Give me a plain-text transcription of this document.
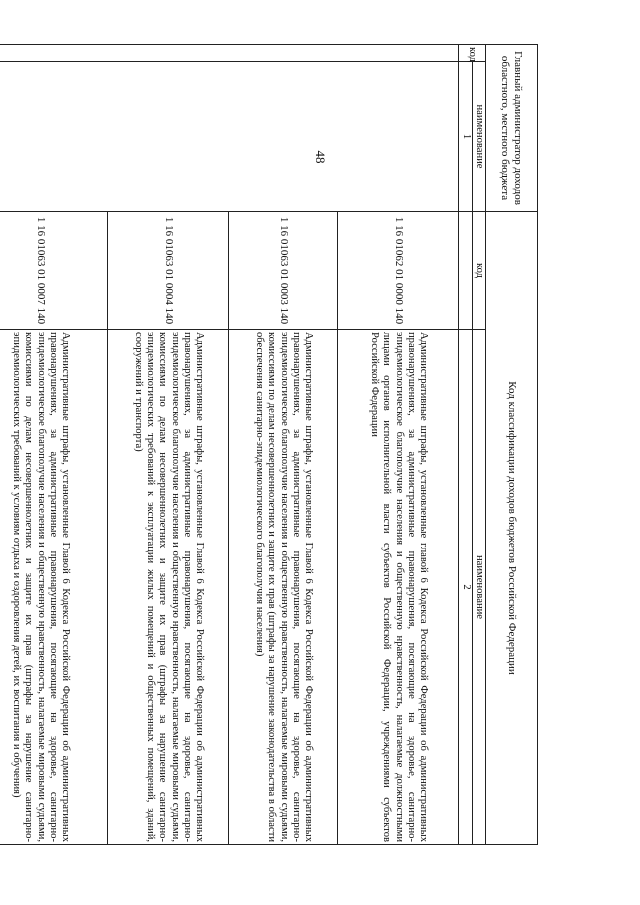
48	Главный администратор доходов областного, местного бюджета		Код классификации доходов бюджетов Российской Федерации	
код	наименование	код	наименование
	1		2
		1 16 01062 01 0000 140	Административные штрафы, установленные главой 6 Кодекса Российской Федерации об административных правонарушениях, за административные правонарушения, посягающие на здоровье, санитарно-эпидемиологическое благополучие населения и общественную нравственность, налагаемые должностными лицами органов исполнительной власти субъектов Российской Федерации, учреждениями субъектов Российской Федерации
		1 16 01063 01 0003 140	Административные штрафы, установленные Главой 6 Кодекса Российской Федерации об административных правонарушениях, за административные правонарушения, посягающие на здоровье, санитарно-эпидемиологическое благополучие населения и общественную нравственность, налагаемые мировыми судьями, комиссиями по делам несовершеннолетних и защите их прав (штрафы за нарушение законодательства в области обеспечения санитарно-эпидемиологического благополучия населения)
		1 16 01063 01 0004 140	Административные штрафы, установленные Главой 6 Кодекса Российской Федерации об административных правонарушениях, за административные правонарушения, посягающие на здоровье, санитарно-эпидемиологическое благополучие населения и общественную нравственность, налагаемые мировыми судьями, комиссиями по делам несовершеннолетних и защите их прав (штрафы за нарушение санитарно-эпидемиологических требований к эксплуатации жилых помещений и общественных помещений, зданий, сооружений и транспорта)
		1 16 01063 01 0007 140	Административные штрафы, установленные Главой 6 Кодекса Российской Федерации об административных правонарушениях, за административные правонарушения, посягающие на здоровье, санитарно-эпидемиологическое благополучие населения и общественную нравственность, налагаемые мировыми судьями, комиссиями по делам несовершеннолетних и защите их прав (штрафы за нарушение санитарно-эпидемиологических требований к условиям отдыха и оздоровления детей, их воспитания и обучения)
